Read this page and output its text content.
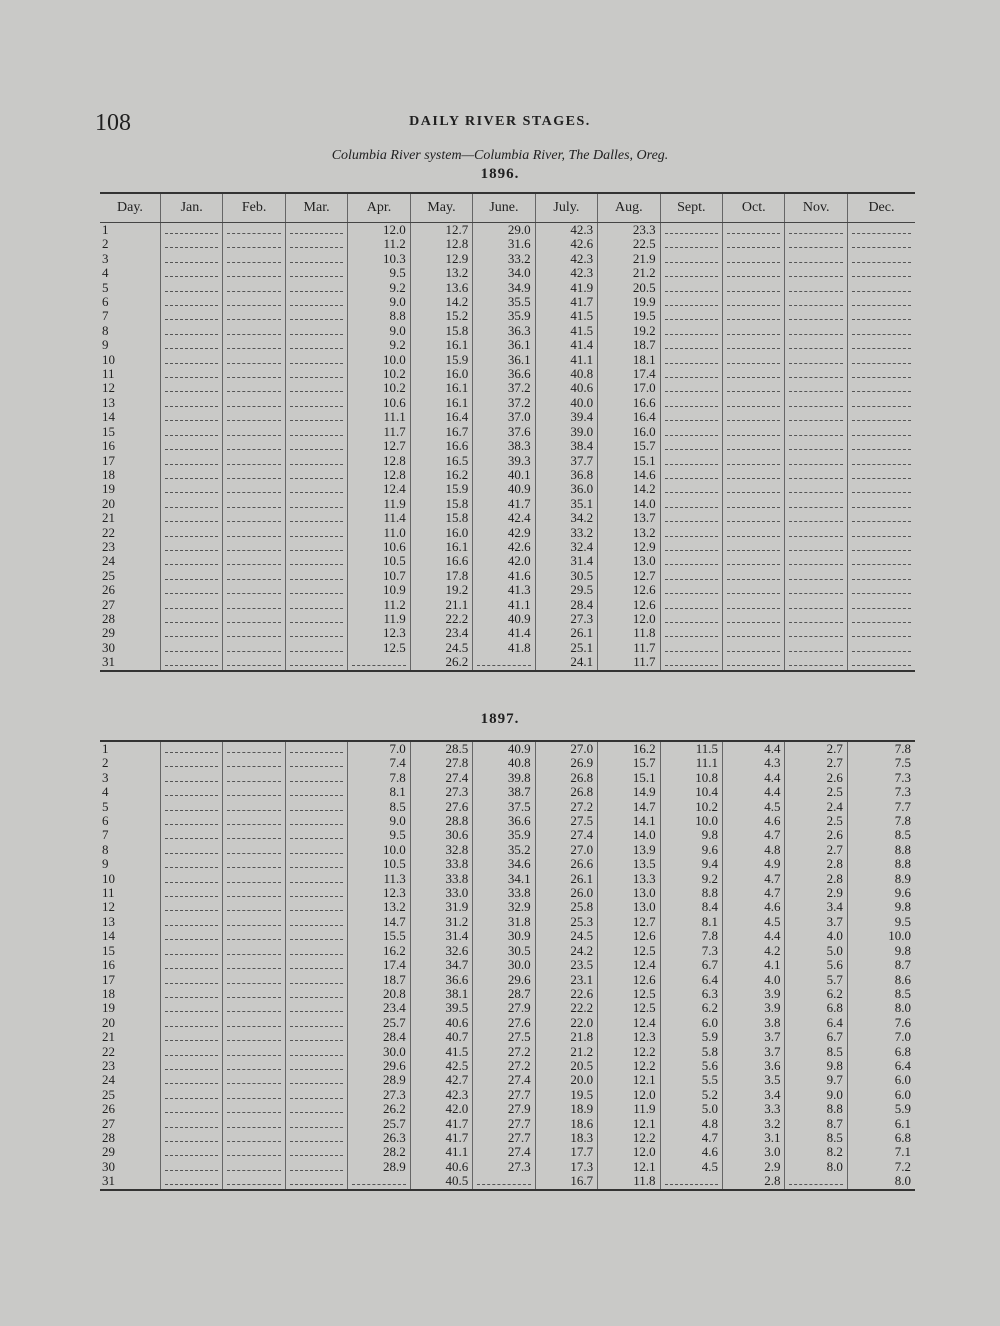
108	DAILY RIVER STAGES.
Columbia River system—Columbia River, The Dalles, Oreg.
1896.
Day.	Jan.	Feb.	Mar.	Apr.	May.	June.	July.	Aug.	Sept.	Oct.	Nov.	Dec.
1				12.0	12.7	29.0	42.3	23.3				
2				11.2	12.8	31.6	42.6	22.5				
3				10.3	12.9	33.2	42.3	21.9				
4				9.5	13.2	34.0	42.3	21.2				
5				9.2	13.6	34.9	41.9	20.5				
6				9.0	14.2	35.5	41.7	19.9				
7				8.8	15.2	35.9	41.5	19.5				
8				9.0	15.8	36.3	41.5	19.2				
9				9.2	16.1	36.1	41.4	18.7				
10				10.0	15.9	36.1	41.1	18.1				
11				10.2	16.0	36.6	40.8	17.4				
12				10.2	16.1	37.2	40.6	17.0				
13				10.6	16.1	37.2	40.0	16.6				
14				11.1	16.4	37.0	39.4	16.4				
15				11.7	16.7	37.6	39.0	16.0				
16				12.7	16.6	38.3	38.4	15.7				
17				12.8	16.5	39.3	37.7	15.1				
18				12.8	16.2	40.1	36.8	14.6				
19				12.4	15.9	40.9	36.0	14.2				
20				11.9	15.8	41.7	35.1	14.0				
21				11.4	15.8	42.4	34.2	13.7				
22				11.0	16.0	42.9	33.2	13.2				
23				10.6	16.1	42.6	32.4	12.9				
24				10.5	16.6	42.0	31.4	13.0				
25				10.7	17.8	41.6	30.5	12.7				
26				10.9	19.2	41.3	29.5	12.6				
27				11.2	21.1	41.1	28.4	12.6				
28				11.9	22.2	40.9	27.3	12.0				
29				12.3	23.4	41.4	26.1	11.8				
30				12.5	24.5	41.8	25.1	11.7				
31					26.2		24.1	11.7				
1897.
1				7.0	28.5	40.9	27.0	16.2	11.5	4.4	2.7	7.8
2				7.4	27.8	40.8	26.9	15.7	11.1	4.3	2.7	7.5
3				7.8	27.4	39.8	26.8	15.1	10.8	4.4	2.6	7.3
4				8.1	27.3	38.7	26.8	14.9	10.4	4.4	2.5	7.3
5				8.5	27.6	37.5	27.2	14.7	10.2	4.5	2.4	7.7
6				9.0	28.8	36.6	27.5	14.1	10.0	4.6	2.5	7.8
7				9.5	30.6	35.9	27.4	14.0	9.8	4.7	2.6	8.5
8				10.0	32.8	35.2	27.0	13.9	9.6	4.8	2.7	8.8
9				10.5	33.8	34.6	26.6	13.5	9.4	4.9	2.8	8.8
10				11.3	33.8	34.1	26.1	13.3	9.2	4.7	2.8	8.9
11				12.3	33.0	33.8	26.0	13.0	8.8	4.7	2.9	9.6
12				13.2	31.9	32.9	25.8	13.0	8.4	4.6	3.4	9.8
13				14.7	31.2	31.8	25.3	12.7	8.1	4.5	3.7	9.5
14				15.5	31.4	30.9	24.5	12.6	7.8	4.4	4.0	10.0
15				16.2	32.6	30.5	24.2	12.5	7.3	4.2	5.0	9.8
16				17.4	34.7	30.0	23.5	12.4	6.7	4.1	5.6	8.7
17				18.7	36.6	29.6	23.1	12.6	6.4	4.0	5.7	8.6
18				20.8	38.1	28.7	22.6	12.5	6.3	3.9	6.2	8.5
19				23.4	39.5	27.9	22.2	12.5	6.2	3.9	6.8	8.0
20				25.7	40.6	27.6	22.0	12.4	6.0	3.8	6.4	7.6
21				28.4	40.7	27.5	21.8	12.3	5.9	3.7	6.7	7.0
22				30.0	41.5	27.2	21.2	12.2	5.8	3.7	8.5	6.8
23				29.6	42.5	27.2	20.5	12.2	5.6	3.6	9.8	6.4
24				28.9	42.7	27.4	20.0	12.1	5.5	3.5	9.7	6.0
25				27.3	42.3	27.7	19.5	12.0	5.2	3.4	9.0	6.0
26				26.2	42.0	27.9	18.9	11.9	5.0	3.3	8.8	5.9
27				25.7	41.7	27.7	18.6	12.1	4.8	3.2	8.7	6.1
28				26.3	41.7	27.7	18.3	12.2	4.7	3.1	8.5	6.8
29				28.2	41.1	27.4	17.7	12.0	4.6	3.0	8.2	7.1
30				28.9	40.6	27.3	17.3	12.1	4.5	2.9	8.0	7.2
31					40.5		16.7	11.8		2.8		8.0
